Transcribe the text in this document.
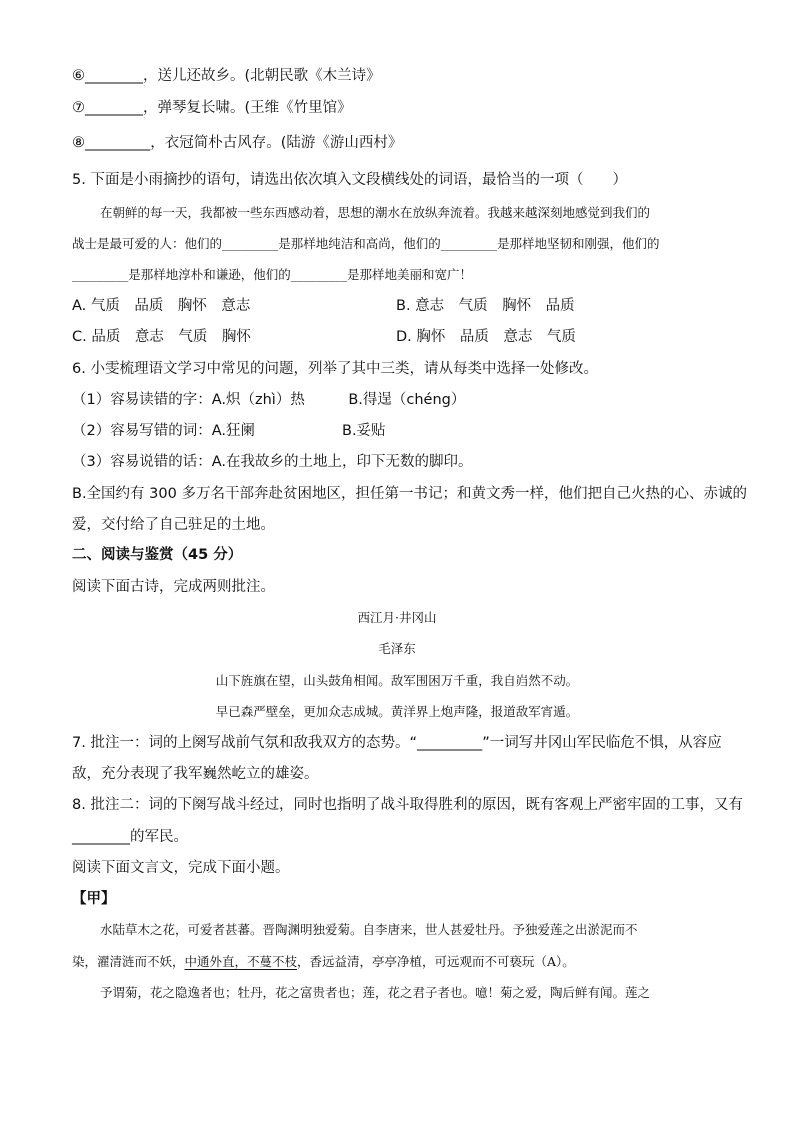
⑥________，送儿还故乡。(北朝民歌《木兰诗》
⑦________，弹琴复长啸。(王维《竹里馆》
⑧_________，衣冠简朴古风存。(陆游《游山西村》
5. 下面是小雨摘抄的语句，请选出依次填入文段横线处的词语，最恰当的一项（　　）
在朝鲜的每一天，我都被一些东西感动着，思想的潮水在放纵奔流着。我越来越深刻地感觉到我们的
战士是最可爱的人：他们的_________是那样地纯洁和高尚，他们的_________是那样地坚韧和刚强，他们的
_________是那样地淳朴和谦逊，他们的_________是那样地美丽和宽广！
A. 气质　品质　胸怀　意志	B. 意志　气质　胸怀　品质
C. 品质　意志　气质　胸怀	D. 胸怀　品质　意志　气质
6. 小雯梳理语文学习中常见的问题，列举了其中三类，请从每类中选择一处修改。
（1）容易读错的字：A.炽（zhì）热　　　B.得逞（chéng）
（2）容易写错的词：A.狂阑　　　　　　B.妥贴
（3）容易说错的话：A.在我故乡的土地上，印下无数的脚印。
B.全国约有 300 多万名干部奔赴贫困地区，担任第一书记；和黄文秀一样，他们把自己火热的心、赤诚的
爱，交付给了自己驻足的土地。
二、阅读与鉴赏（45 分）
阅读下面古诗，完成两则批注。
西江月·井冈山
毛泽东
山下旌旗在望，山头鼓角相闻。敌军围困万千重，我自岿然不动。
早已森严壁垒，更加众志成城。黄洋界上炮声隆，报道敌军宵遁。
7. 批注一：词的上阕写战前气氛和敌我双方的态势。“_________”一词写井冈山军民临危不惧，从容应
敌，充分表现了我军巍然屹立的雄姿。
8. 批注二：词的下阕写战斗经过，同时也指明了战斗取得胜利的原因，既有客观上严密牢固的工事，又有
________的军民。
阅读下面文言文，完成下面小题。
【甲】
水陆草木之花，可爱者甚蕃。晋陶渊明独爱菊。自李唐来，世人甚爱牡丹。予独爱莲之出淤泥而不
染，濯清涟而不妖，中通外直，不蔓不枝，香远益清，亭亭净植，可远观而不可亵玩（A）。
予谓菊，花之隐逸者也；牡丹，花之富贵者也；莲，花之君子者也。噫！菊之爱，陶后鲜有闻。莲之
